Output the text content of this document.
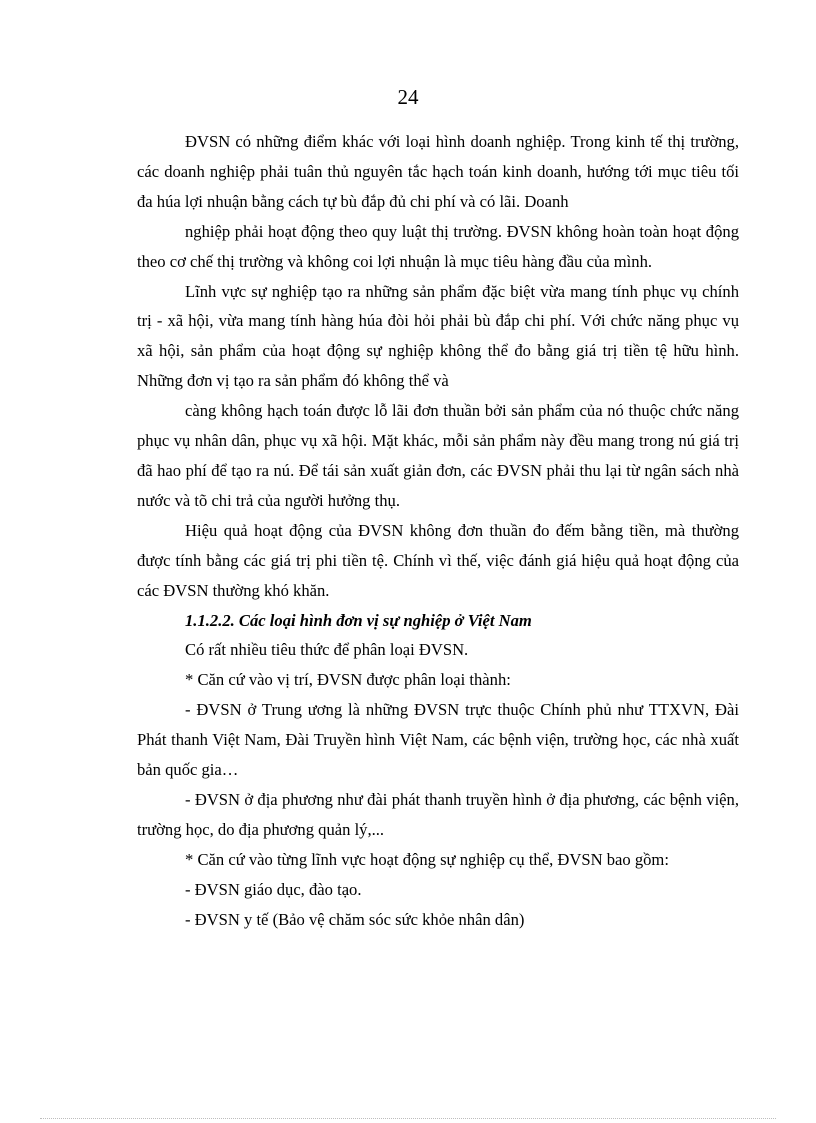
24

ĐVSN có những điểm khác với loại hình doanh nghiệp. Trong kinh tế thị trường, các doanh nghiệp phải tuân thủ nguyên tắc hạch toán kinh doanh, hướng tới mục tiêu tối đa húa lợi nhuận bằng cách tự bù đắp đủ chi phí và có lãi. Doanh

nghiệp phải hoạt động theo quy luật thị trường. ĐVSN không hoàn toàn hoạt động theo cơ chế thị trường và không coi lợi nhuận là mục tiêu hàng đầu của mình.

Lĩnh vực sự nghiệp tạo ra những sản phẩm đặc biệt vừa mang tính phục vụ chính trị - xã hội, vừa mang tính hàng húa đòi hỏi phải bù đắp chi phí. Với chức năng phục vụ xã hội, sản phẩm của hoạt động sự nghiệp không thể đo bằng giá trị tiền tệ hữu hình. Những đơn vị tạo ra sản phẩm đó không thể và

càng không hạch toán được lỗ lãi đơn thuần bởi sản phẩm của nó thuộc chức năng phục vụ nhân dân, phục vụ xã hội. Mặt khác, mỗi sản phẩm này đều mang trong nú giá trị đã hao phí để tạo ra nú. Để tái sản xuất giản đơn, các ĐVSN phải thu lại từ ngân sách nhà nước và tõ chi trả của người hưởng thụ.

Hiệu quả hoạt động của ĐVSN không đơn thuần đo đếm bằng tiền, mà thường được tính bằng các giá trị phi tiền tệ. Chính vì thế, việc đánh giá hiệu quả hoạt động của các ĐVSN thường khó khăn.

1.1.2.2. Các loại hình đơn vị sự nghiệp ở Việt Nam

Có rất nhiều tiêu thức để phân loại ĐVSN.

* Căn cứ vào vị trí, ĐVSN được phân loại thành:

- ĐVSN ở Trung ương là những ĐVSN trực thuộc Chính phủ như TTXVN, Đài Phát thanh Việt Nam, Đài Truyền hình Việt Nam, các bệnh viện, trường học, các nhà xuất bản quốc gia…

- ĐVSN ở địa phương như đài phát thanh truyền hình ở địa phương, các bệnh viện, trường học, do địa phương quản lý,...

* Căn cứ vào từng lĩnh vực hoạt động sự nghiệp cụ thể, ĐVSN bao gồm:

- ĐVSN giáo dục, đào tạo.

- ĐVSN y tế (Bảo vệ chăm sóc sức khỏe nhân dân)
